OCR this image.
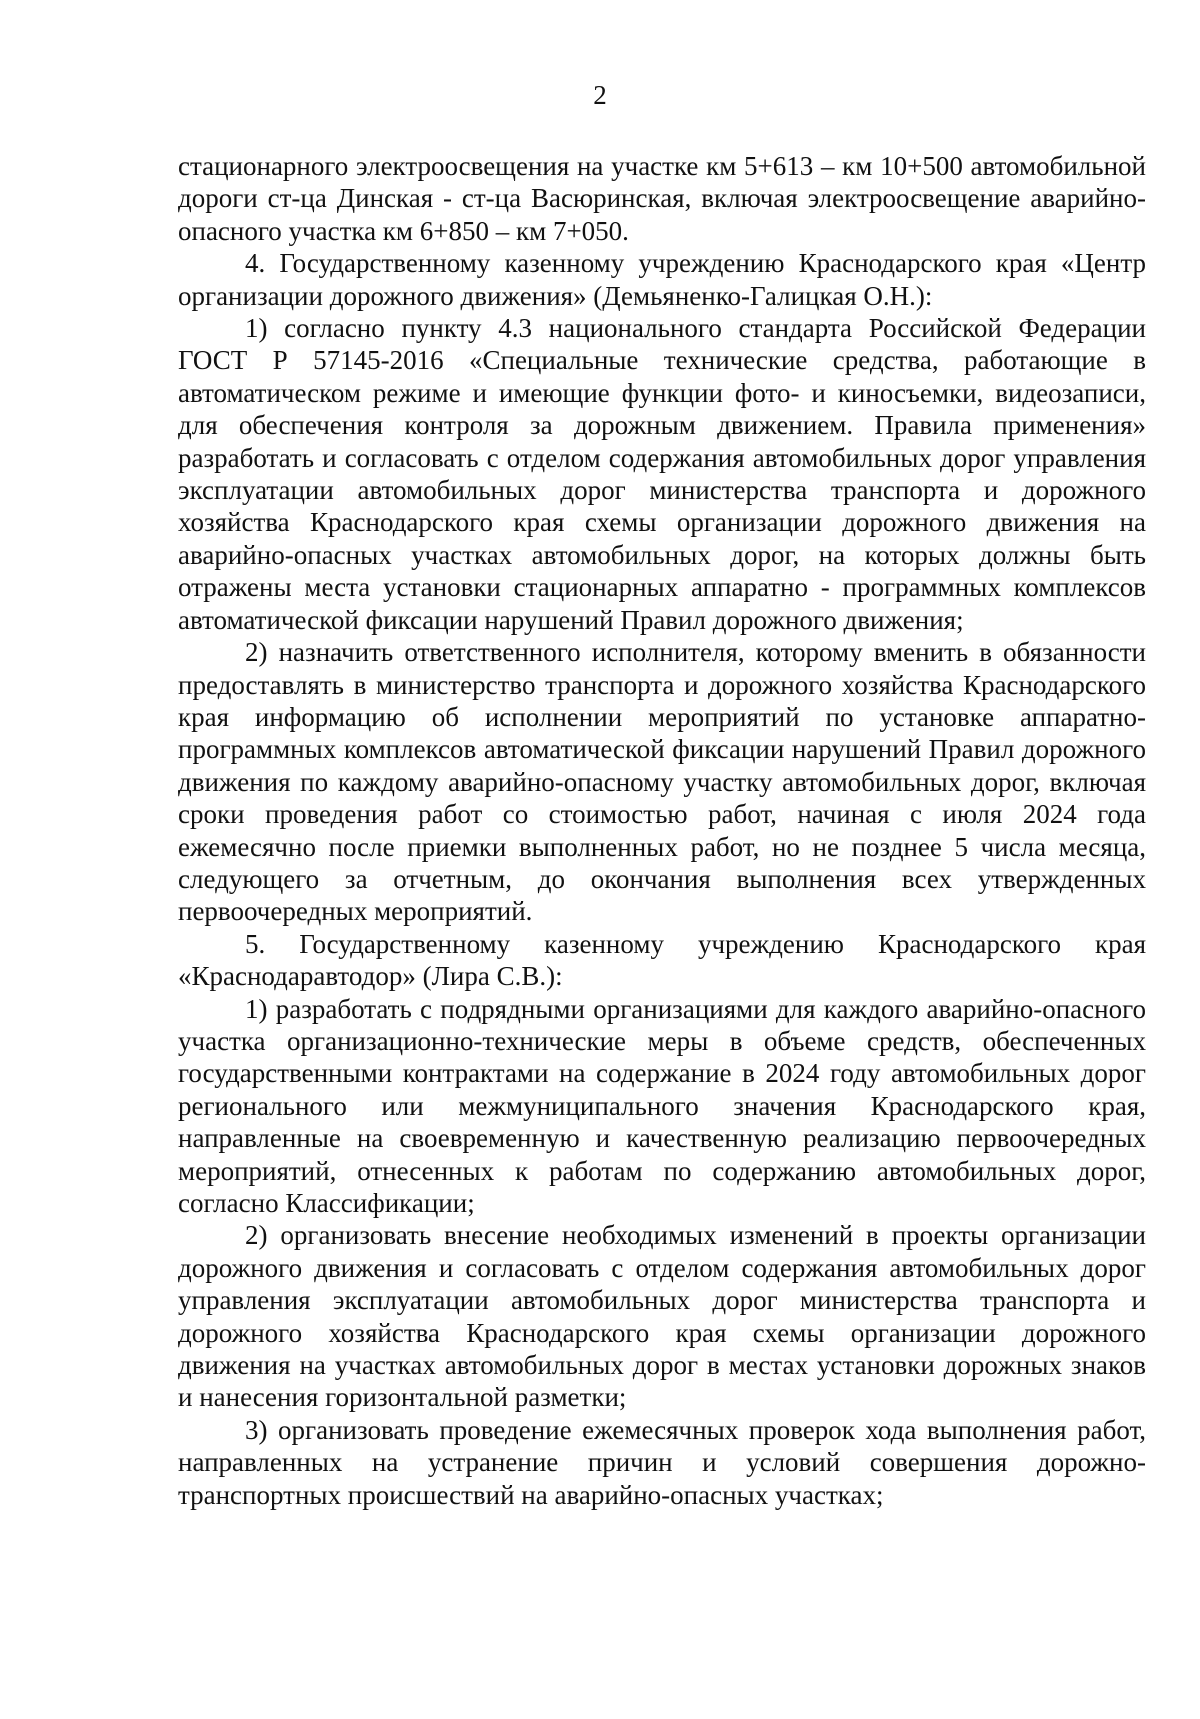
2

стационарного электроосвещения на участке км 5+613 – км 10+500 автомобильной дороги ст-ца Динская - ст-ца Васюринская, включая электроосвещение аварийно-опасного участка км 6+850 – км 7+050.

4. Государственному казенному учреждению Краснодарского края «Центр организации дорожного движения» (Демьяненко-Галицкая О.Н.):

1) согласно пункту 4.3 национального стандарта Российской Федерации ГОСТ Р 57145-2016 «Специальные технические средства, работающие в автоматическом режиме и имеющие функции фото- и киносъемки, видеозаписи, для обеспечения контроля за дорожным движением. Правила применения» разработать и согласовать с отделом содержания автомобильных дорог управления эксплуатации автомобильных дорог министерства транспорта и дорожного хозяйства Краснодарского края схемы организации дорожного движения на аварийно-опасных участках автомобильных дорог, на которых должны быть отражены места установки стационарных аппаратно - программных комплексов автоматической фиксации нарушений Правил дорожного движения;

2) назначить ответственного исполнителя, которому вменить в обязанности предоставлять в министерство транспорта и дорожного хозяйства Краснодарского края информацию об исполнении мероприятий по установке аппаратно-программных комплексов автоматической фиксации нарушений Правил дорожного движения по каждому аварийно-опасному участку автомобильных дорог, включая сроки проведения работ со стоимостью работ, начиная с июля 2024 года ежемесячно после приемки выполненных работ, но не позднее 5 числа месяца, следующего за отчетным, до окончания выполнения всех утвержденных первоочередных мероприятий.

5. Государственному казенному учреждению Краснодарского края «Краснодаравтодор» (Лира С.В.):

1) разработать с подрядными организациями для каждого аварийно-опасного участка организационно-технические меры в объеме средств, обеспеченных государственными контрактами на содержание в 2024 году автомобильных дорог регионального или межмуниципального значения Краснодарского края, направленные на своевременную и качественную реализацию первоочередных мероприятий, отнесенных к работам по содержанию автомобильных дорог, согласно Классификации;

2) организовать внесение необходимых изменений в проекты организации дорожного движения и согласовать с отделом содержания автомобильных дорог управления эксплуатации автомобильных дорог министерства транспорта и дорожного хозяйства Краснодарского края схемы организации дорожного движения на участках автомобильных дорог в местах установки дорожных знаков и нанесения горизонтальной разметки;

3) организовать проведение ежемесячных проверок хода выполнения работ, направленных на устранение причин и условий совершения дорожно-транспортных происшествий на аварийно-опасных участках;
